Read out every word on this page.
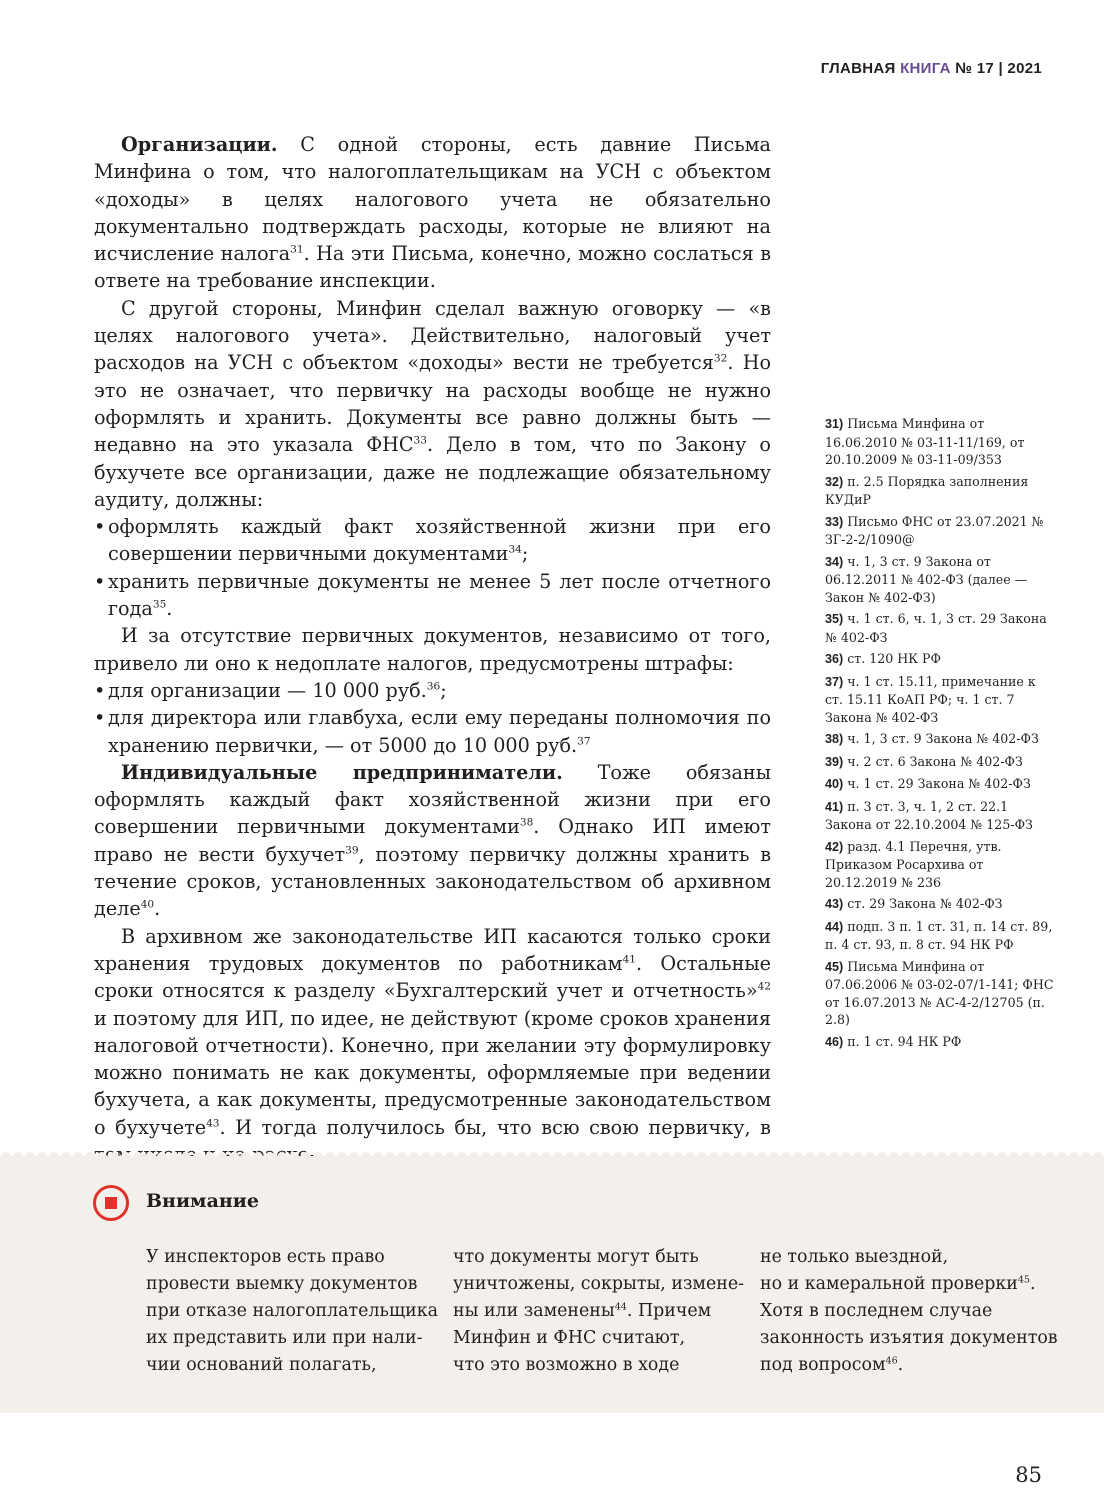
ГЛАВНАЯ КНИГА № 17 | 2021

Организации. С одной стороны, есть давние Письма Минфина о том, что налогоплательщикам на УСН с объектом «доходы» в целях налогового учета не обязательно документально подтверждать расходы, которые не влияют на исчисление налога$^{31}$. На эти Письма, конечно, можно сослаться в ответе на требование инспекции.

С другой стороны, Минфин сделал важную оговорку — «в целях налогового учета». Действительно, налоговый учет расходов на УСН с объектом «доходы» вести не требуется$^{32}$. Но это не означает, что первичку на расходы вообще не нужно оформлять и хранить. Документы все равно должны быть — недавно на это указала ФНС$^{33}$. Дело в том, что по Закону о бухучете все организации, даже не подлежащие обязательному аудиту, должны:

• оформлять каждый факт хозяйственной жизни при его совершении первичными документами$^{34}$;
• хранить первичные документы не менее 5 лет после отчетного года$^{35}$.

И за отсутствие первичных документов, независимо от того, привело ли оно к недоплате налогов, предусмотрены штрафы:

• для организации — 10 000 руб.$^{36}$;
• для директора или главбуха, если ему переданы полномочия по хранению первички, — от 5000 до 10 000 руб.$^{37}$

Индивидуальные предприниматели. Тоже обязаны оформлять каждый факт хозяйственной жизни при его совершении первичными документами$^{38}$. Однако ИП имеют право не вести бухучет$^{39}$, поэтому первичку должны хранить в течение сроков, установленных законодательством об архивном деле$^{40}$.

В архивном же законодательстве ИП касаются только сроки хранения трудовых документов по работникам$^{41}$. Остальные сроки относятся к разделу «Бухгалтерский учет и отчетность»$^{42}$ и поэтому для ИП, по идее, не действуют (кроме сроков хранения налоговой отчетности). Конечно, при желании эту формулировку можно понимать не как документы, оформляемые при ведении бухучета, а как документы, предусмотренные законодательством о бухучете$^{43}$. И тогда получилось бы, что всю свою первичку, в

31) Письма Минфина от 16.06.2010 № 03-11-11/169, от 20.10.2009 № 03-11-09/353
32) п. 2.5 Порядка заполнения КУДиР
33) Письмо ФНС от 23.07.2021 № ЗГ-2-2/1090@
34) ч. 1, 3 ст. 9 Закона от 06.12.2011 № 402-ФЗ (далее — Закон № 402-ФЗ)
35) ч. 1 ст. 6, ч. 1, 3 ст. 29 Закона № 402-ФЗ
36) ст. 120 НК РФ
37) ч. 1 ст. 15.11, примечание к ст. 15.11 КоАП РФ; ч. 1 ст. 7 Закона № 402-ФЗ
38) ч. 1, 3 ст. 9 Закона № 402-ФЗ
39) ч. 2 ст. 6 Закона № 402-ФЗ
40) ч. 1 ст. 29 Закона № 402-ФЗ
41) п. 3 ст. 3, ч. 1, 2 ст. 22.1 Закона от 22.10.2004 № 125-ФЗ
42) разд. 4.1 Перечня, утв. Приказом Росархива от 20.12.2019 № 236
43) ст. 29 Закона № 402-ФЗ
44) подп. 3 п. 1 ст. 31, п. 14 ст. 89, п. 4 ст. 93, п. 8 ст. 94 НК РФ
45) Письма Минфина от 07.06.2006 № 03-02-07/1-141; ФНС от 16.07.2013 № АС-4-2/12705 (п. 2.8)
46) п. 1 ст. 94 НК РФ
Внимание
У инспекторов есть право
провести выемку документов
при отказе налогоплательщика
их представить или при нали-
чии оснований полагать,
что документы могут быть
уничтожены, сокрыты, измене-
ны или заменены$^{44}$. Причем
Минфин и ФНС считают,
что это возможно в ходе
не только выездной,
но и камеральной проверки$^{45}$.
Хотя в последнем случае
законность изъятия документов
под вопросом$^{46}$.
85
